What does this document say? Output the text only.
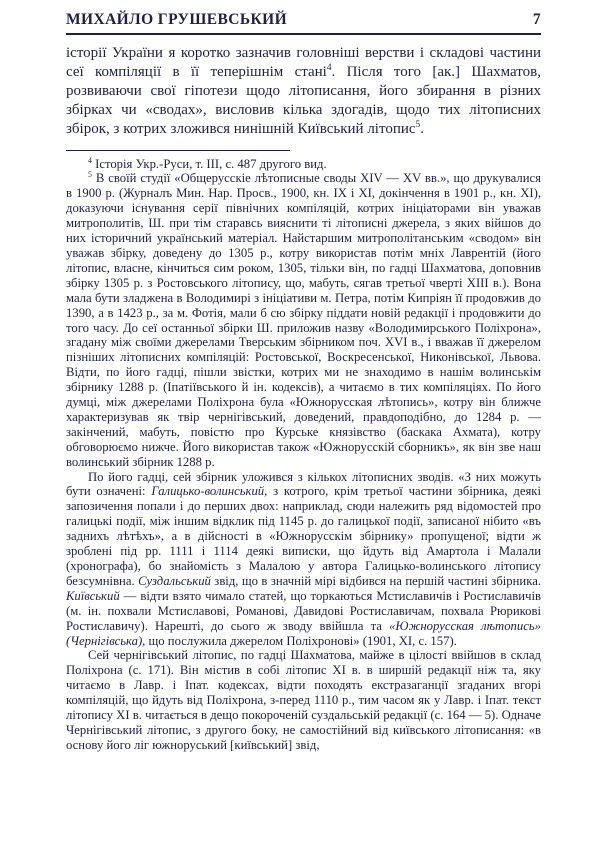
МИХАЙЛО ГРУШЕВСЬКИЙ	7

історії України я коротко зазначив головніші верстви і складові частини сеї компіляції в її теперішнім стані$^4$. Після того [ак.] Шахматов, розвиваючи свої гіпотези щодо літописання, його збирання в різних збірках чи «сводах», висловив кілька здогадів, щодо тих літописних збірок, з котрих зложився нинішній Київський літопис$^5$.

$^4$ Історія Укр.-Руси, т. III, с. 487 другого вид.

$^5$ В своїй студії «Общерусскіе лѣтописные своды XIV — XV вв.», що друкувалися в 1900 р. (Журналъ Мин. Нар. Просв., 1900, кн. IX і XI, докінчення в 1901 р., кн. XI), доказуючи існування серії північних компіляцій, котрих ініціаторами він уважав митрополитів, Ш. при тім старавсь вияснити ті літописні джерела, з яких війшов до них історичний український матеріал. Найстаршим митрополітанським «сводом» він уважав збірку, доведену до 1305 р., котру використав потім мніх Лаврентій (його літопис, власне, кінчиться сим роком, 1305, тільки він, по гадці Шахматова, доповнив збірку 1305 р. з Ростовського літопису, що, мабуть, сягав третьої чверті XIII в.). Вона мала бути зладжена в Володимирі з ініціативи м. Петра, потім Кипріян її продовжив до 1390, а в 1423 р., за м. Фотія, мали б сю збірку піддати новій редакції і продовжити до того часу. До сеї останньої збірки Ш. приложив назву «Володимирського Поліхрона», згадану між своїми джерелами Тверським збірником поч. XVI в., і вважав її джерелом пізніших літописних компіляцій: Ростовської, Воскресенської, Никонівської, Львова. Відти, по його гадці, пішли звістки, котрих ми не знаходимо в нашім волинськім збірнику 1288 р. (Іпатіївського й ін. кодексів), а читаємо в тих компіляціях. По його думці, між джерелами Поліхрона була «Южнорусская лѣтопись», котру він ближче характеризував як твір чернігівський, доведений, правдоподібно, до 1284 р. — закінчений, мабуть, повістю про Курське князівство (баскака Ахмата), котру обговорюємо нижче. Його використав також «Южнорусскій сборникъ», як він зве наш волинський збірник 1288 р.

По його гадці, сей збірник уложився з кількох літописних зводів. «З них можуть бути означені: Галицько-волинський, з котрого, крім третьої частини збірника, деякі запозичення попали і до перших двох: наприклад, сюди належить ряд відомостей про галицькі події, між іншим відклик під 1145 р. до галицької події, записаної нібито «въ заднихъ лѣтѣхъ», а в дійсності в «Южнорусскім збірнику» пропущеної; відти ж зроблені під рр. 1111 і 1114 деякі виписки, що йдуть від Амартола і Малали (хронографа), бо знайомість з Малалою у автора Галицько-волинського літопису безсумнівна. Суздальський звід, що в значній мірі відбився на першій частині збірника. Київський — відти взято чимало статей, що торкаються Мстиславичів і Ростиславичів (м. ін. похвали Мстиславові, Романові, Давидові Ростиславичам, похвала Рюрикові Ростиславичу). Нарешті, до сього ж зводу ввійшла та «Южнорусская лѣтопись» (Чернігівська), що послужила джерелом Поліхронові» (1901, XI, с. 157).

Сей чернігівський літопис, по гадці Шахматова, майже в цілості ввійшов в склад Поліхрона (с. 171). Він містив в собі літопис XI в. в ширшій редакції ніж та, яку читаємо в Лавр. і Іпат. кодексах, відти походять екстразаганції згаданих вгорі компіляцій, що йдуть від Поліхрона, з-перед 1110 р., тим часом як у Лавр. і Іпат. текст літопису XI в. читається в дещо покороченій суздальській редакції (с. 164 — 5). Одначе Чернігівський літопис, з другого боку, не самостійний від київського літописання: «в основу його ліг южноруський [київський] звід,
